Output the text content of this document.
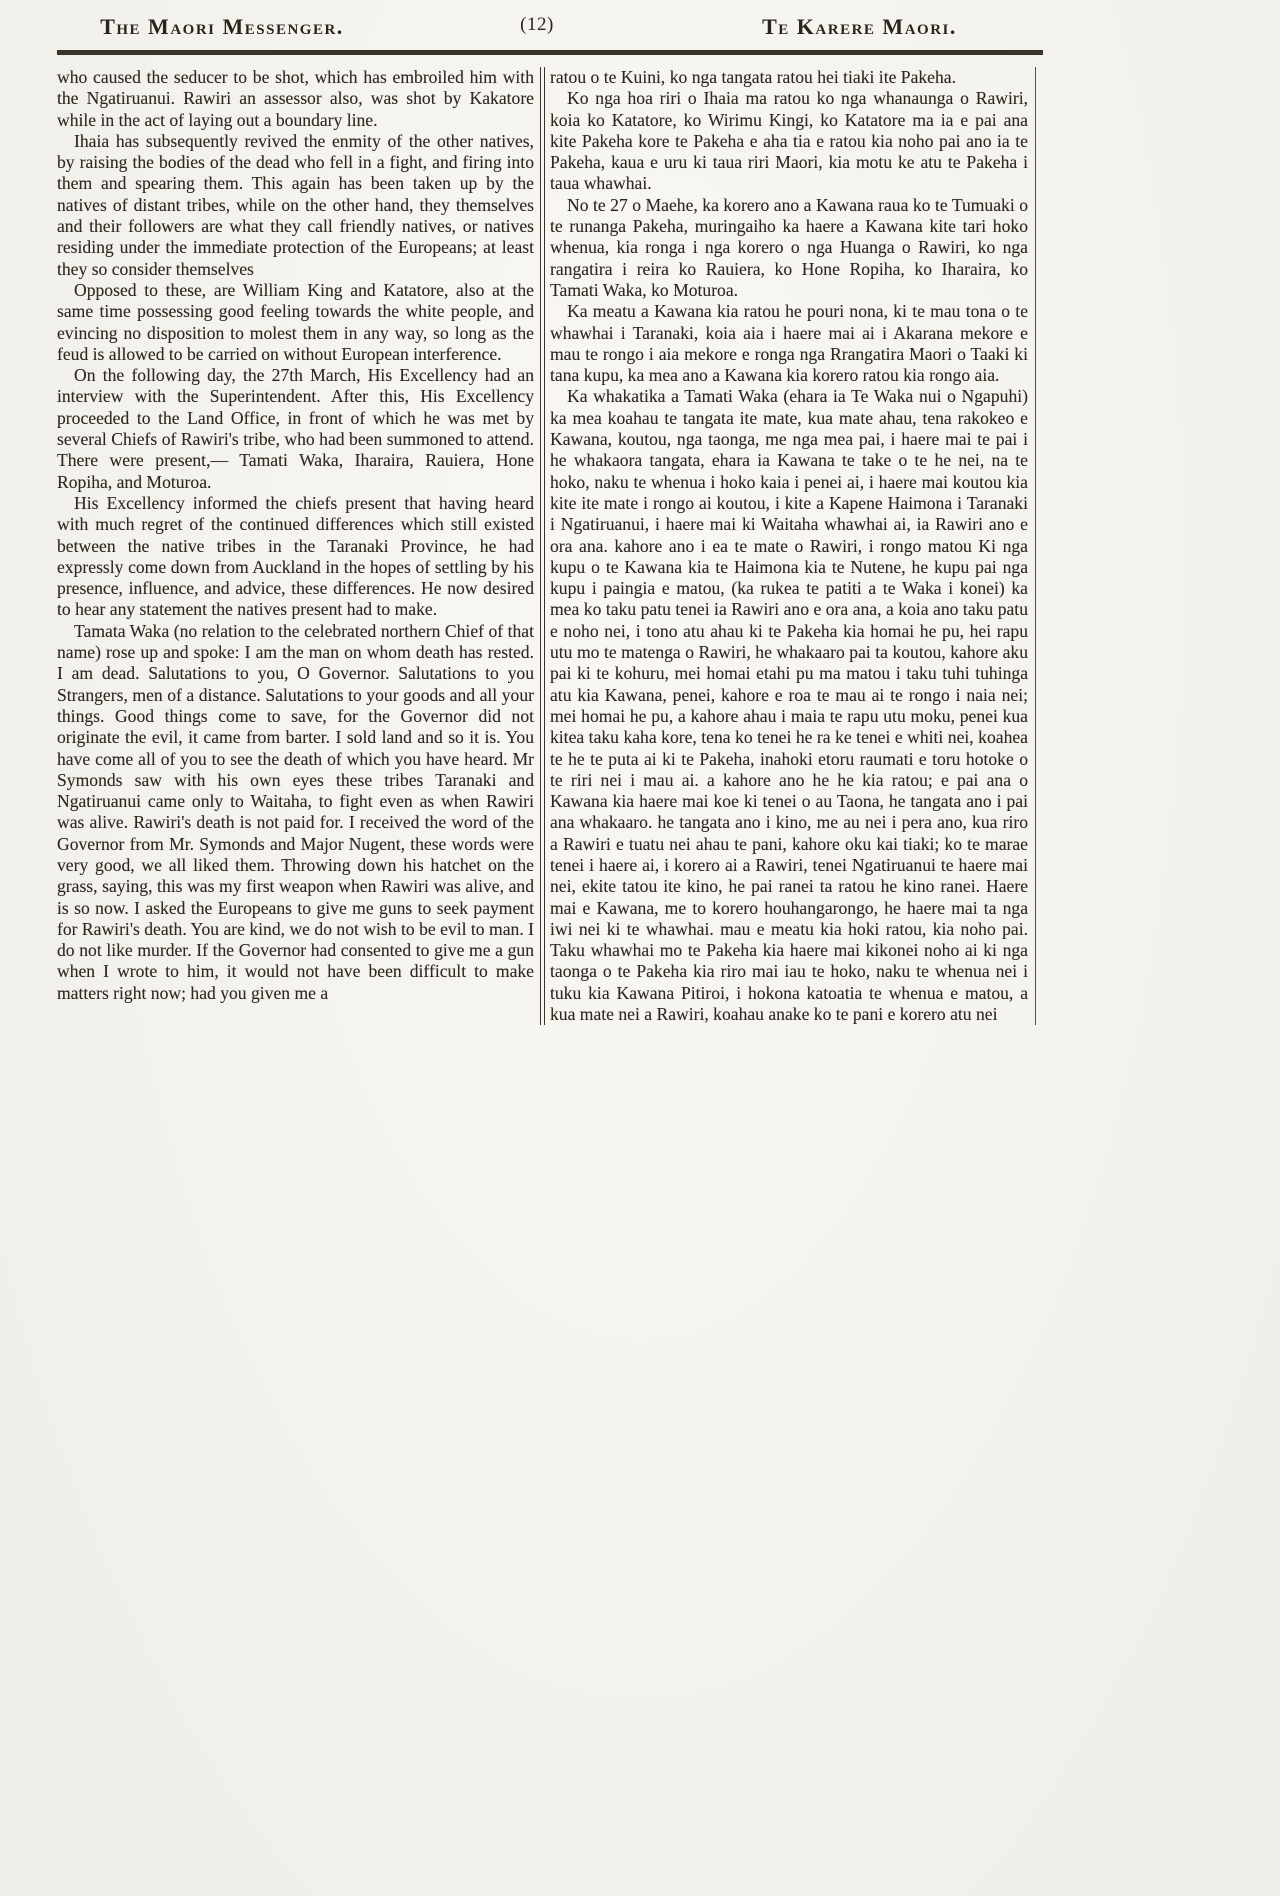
The Maori Messenger.	(12)	Te Karere Maori.

who caused the seducer to be shot, which has embroiled him with the Ngatiruanui. Rawiri an assessor also, was shot by Kakatore while in the act of laying out a boundary line.

Ihaia has subsequently revived the enmity of the other natives, by raising the bodies of the dead who fell in a fight, and firing into them and spearing them. This again has been taken up by the natives of distant tribes, while on the other hand, they themselves and their followers are what they call friendly natives, or natives residing under the immediate protection of the Europeans; at least they so consider themselves

Opposed to these, are William King and Katatore, also at the same time possessing good feeling towards the white people, and evincing no disposition to molest them in any way, so long as the feud is allowed to be carried on without European interference.

On the following day, the 27th March, His Excellency had an interview with the Superintendent. After this, His Excellency proceeded to the Land Office, in front of which he was met by several Chiefs of Rawiri's tribe, who had been summoned to attend. There were present,— Tamati Waka, Iharaira, Rauiera, Hone Ropiha, and Moturoa.

His Excellency informed the chiefs present that having heard with much regret of the continued differences which still existed between the native tribes in the Taranaki Province, he had expressly come down from Auckland in the hopes of settling by his presence, influence, and advice, these differences. He now desired to hear any statement the natives present had to make.

Tamata Waka (no relation to the celebrated northern Chief of that name) rose up and spoke: I am the man on whom death has rested. I am dead. Salutations to you, O Governor. Salutations to you Strangers, men of a distance. Salutations to your goods and all your things. Good things come to save, for the Governor did not originate the evil, it came from barter. I sold land and so it is. You have come all of you to see the death of which you have heard. Mr Symonds saw with his own eyes these tribes Taranaki and Ngatiruanui came only to Waitaha, to fight even as when Rawiri was alive. Rawiri's death is not paid for. I received the word of the Governor from Mr. Symonds and Major Nugent, these words were very good, we all liked them. Throwing down his hatchet on the grass, saying, this was my first weapon when Rawiri was alive, and is so now. I asked the Europeans to give me guns to seek payment for Rawiri's death. You are kind, we do not wish to be evil to man. I do not like murder. If the Governor had consented to give me a gun when I wrote to him, it would not have been difficult to make matters right now; had you given me a

ratou o te Kuini, ko nga tangata ratou hei tiaki ite Pakeha.

Ko nga hoa riri o Ihaia ma ratou ko nga whanaunga o Rawiri, koia ko Katatore, ko Wirimu Kingi, ko Katatore ma ia e pai ana kite Pakeha kore te Pakeha e aha tia e ratou kia noho pai ano ia te Pakeha, kaua e uru ki taua riri Maori, kia motu ke atu te Pakeha i taua whawhai.

No te 27 o Maehe, ka korero ano a Kawana raua ko te Tumuaki o te runanga Pakeha, muringaiho ka haere a Kawana kite tari hoko whenua, kia ronga i nga korero o nga Huanga o Rawiri, ko nga rangatira i reira ko Rauiera, ko Hone Ropiha, ko Iharaira, ko Tamati Waka, ko Moturoa.

Ka meatu a Kawana kia ratou he pouri nona, ki te mau tona o te whawhai i Taranaki, koia aia i haere mai ai i Akarana mekore e mau te rongo i aia mekore e ronga nga Rrangatira Maori o Taaki ki tana kupu, ka mea ano a Kawana kia korero ratou kia rongo aia.

Ka whakatika a Tamati Waka (ehara ia Te Waka nui o Ngapuhi) ka mea koahau te tangata ite mate, kua mate ahau, tena rakokeo e Kawana, koutou, nga taonga, me nga mea pai, i haere mai te pai i he whakaora tangata, ehara ia Kawana te take o te he nei, na te hoko, naku te whenua i hoko kaia i penei ai, i haere mai koutou kia kite ite mate i rongo ai koutou, i kite a Kapene Haimona i Taranaki i Ngatiruanui, i haere mai ki Waitaha whawhai ai, ia Rawiri ano e ora ana. kahore ano i ea te mate o Rawiri, i rongo matou Ki nga kupu o te Kawana kia te Haimona kia te Nutene, he kupu pai nga kupu i paingia e matou, (ka rukea te patiti a te Waka i konei) ka mea ko taku patu tenei ia Rawiri ano e ora ana, a koia ano taku patu e noho nei, i tono atu ahau ki te Pakeha kia homai he pu, hei rapu utu mo te matenga o Rawiri, he whakaaro pai ta koutou, kahore aku pai ki te kohuru, mei homai etahi pu ma matou i taku tuhi tuhinga atu kia Kawana, penei, kahore e roa te mau ai te rongo i naia nei; mei homai he pu, a kahore ahau i maia te rapu utu moku, penei kua kitea taku kaha kore, tena ko tenei he ra ke tenei e whiti nei, koahea te he te puta ai ki te Pakeha, inahoki etoru raumati e toru hotoke o te riri nei i mau ai. a kahore ano he he kia ratou; e pai ana o Kawana kia haere mai koe ki tenei o au Taona, he tangata ano i pai ana whakaaro. he tangata ano i kino, me au nei i pera ano, kua riro a Rawiri e tuatu nei ahau te pani, kahore oku kai tiaki; ko te marae tenei i haere ai, i korero ai a Rawiri, tenei Ngatiruanui te haere mai nei, ekite tatou ite kino, he pai ranei ta ratou he kino ranei. Haere mai e Kawana, me to korero houhangarongo, he haere mai ta nga iwi nei ki te whawhai. mau e meatu kia hoki ratou, kia noho pai. Taku whawhai mo te Pakeha kia haere mai kikonei noho ai ki nga taonga o te Pakeha kia riro mai iau te hoko, naku te whenua nei i tuku kia Kawana Pitiroi, i hokona katoatia te whenua e matou, a kua mate nei a Rawiri, koahau anake ko te pani e korero atu nei
